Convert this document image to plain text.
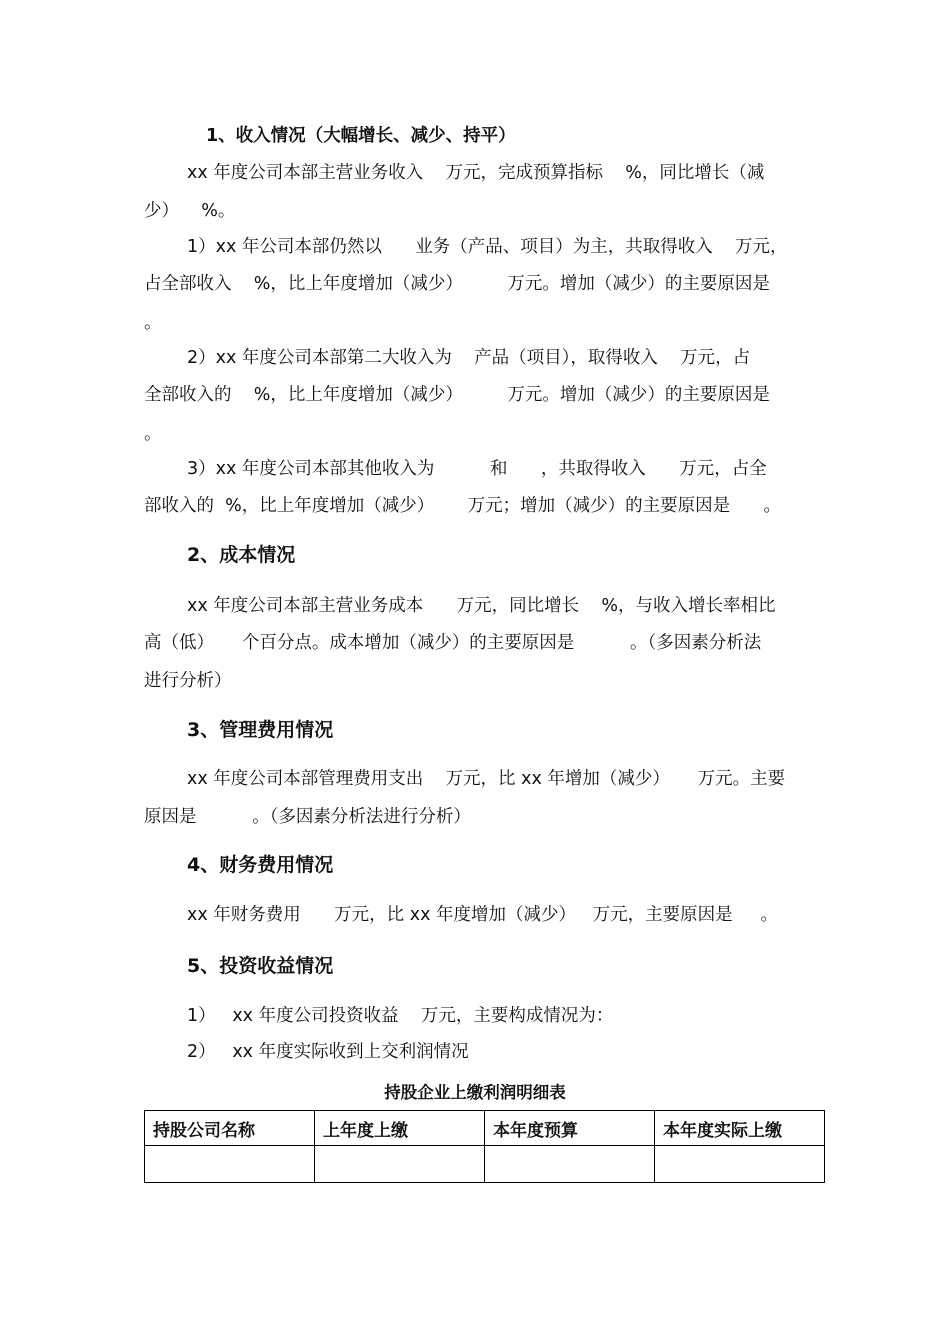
1、收入情况（大幅增长、减少、持平）
xx 年度公司本部主营业务收入    万元，完成预算指标    %，同比增长（减
少）    %。
1）xx 年公司本部仍然以      业务（产品、项目）为主，共取得收入    万元，
占全部收入    %，比上年度增加（减少）        万元。增加（减少）的主要原因是
。
2）xx 年度公司本部第二大收入为    产品（项目），取得收入    万元，占
全部收入的    %，比上年度增加（减少）        万元。增加（减少）的主要原因是
。
3）xx 年度公司本部其他收入为          和      ，共取得收入      万元，占全
部收入的  %，比上年度增加（减少）      万元；增加（减少）的主要原因是      。
2、成本情况
xx 年度公司本部主营业务成本      万元，同比增长    %，与收入增长率相比
高（低）     个百分点。成本增加（减少）的主要原因是          。（多因素分析法
进行分析）
3、管理费用情况
xx 年度公司本部管理费用支出    万元，比 xx 年增加（减少）     万元。主要
原因是          。（多因素分析法进行分析）
4、财务费用情况
xx 年财务费用      万元，比 xx 年度增加（减少）   万元，主要原因是     。
5、投资收益情况
1）   xx 年度公司投资收益    万元，主要构成情况为：
2）   xx 年度实际收到上交利润情况
持股企业上缴利润明细表
持股公司名称	上年度上缴	本年度预算	本年度实际上缴
